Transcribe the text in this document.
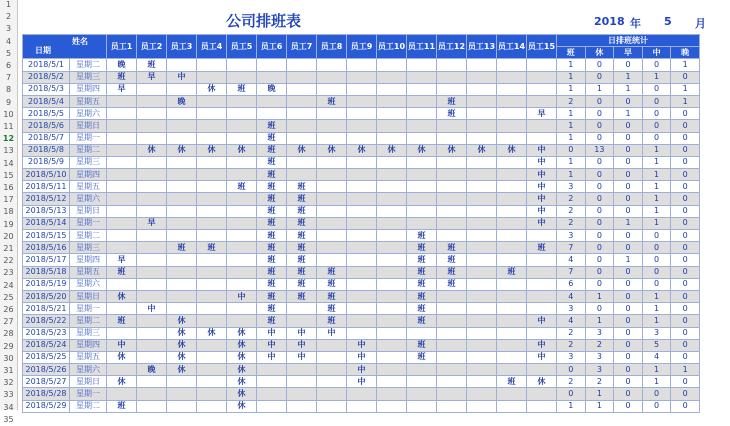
1
2
3
4
5
6
7
8
9
10
11
12
13
14
15
16
17
18
19
20
21
22
23
24
25
26
27
28
29
30
31
32
33
34
35
公司排班表	2018 年 5 月
姓名
日期		员工1	员工2	员工3	员工4	员工5	员工6	员工7	员工8	员工9	员工10	员工11	员工12	员工13	员工14	员工15	日排班统计				
																	班	休	早	中	晚
2018/5/1	星期二	晚	班														1	0	0	0	1
2018/5/2	星期三	班	早	中													1	0	1	1	0
2018/5/3	星期四	早			休	班	晚										1	1	1	0	1
2018/5/4	星期五			晚					班				班				2	0	0	0	1
2018/5/5	星期六												班			早	1	0	1	0	0
2018/5/6	星期日						班										1	0	0	0	0
2018/5/7	星期一						班										1	0	0	0	0
2018/5/8	星期二		休	休	休	休	班	休	休	休	休	休	休	休	休	中	0	13	0	1	0
2018/5/9	星期三						班									中	1	0	0	1	0
2018/5/10	星期四						班									中	1	0	0	1	0
2018/5/11	星期五					班	班	班								中	3	0	0	1	0
2018/5/12	星期六						班	班								中	2	0	0	1	0
2018/5/13	星期日						班	班								中	2	0	0	1	0
2018/5/14	星期一		早				班	班								中	2	0	1	1	0
2018/5/15	星期二						班	班				班					3	0	0	0	0
2018/5/16	星期三			班	班		班	班				班	班			班	7	0	0	0	0
2018/5/17	星期四	早					班	班				班	班				4	0	1	0	0
2018/5/18	星期五	班					班	班	班			班	班		班		7	0	0	0	0
2018/5/19	星期六						班	班	班			班	班				6	0	0	0	0
2018/5/20	星期日	休				中	班	班	班			班					4	1	0	1	0
2018/5/21	星期一		中				班		班			班					3	0	0	1	0
2018/5/22	星期二	班		休			班		班			班				中	4	1	0	1	0
2018/5/23	星期三			休	休	休	中	中	中								2	3	0	3	0
2018/5/24	星期四	中		休		休	中	中		中		班				中	2	2	0	5	0
2018/5/25	星期五	休		休		休	中	中		中		班				中	3	3	0	4	0
2018/5/26	星期六		晚	休		休				中							0	3	0	1	1
2018/5/27	星期日	休				休				中					班	休	2	2	0	1	0
2018/5/28	星期一					休											0	1	0	0	0
2018/5/29	星期二	班				休											1	1	0	0	0
